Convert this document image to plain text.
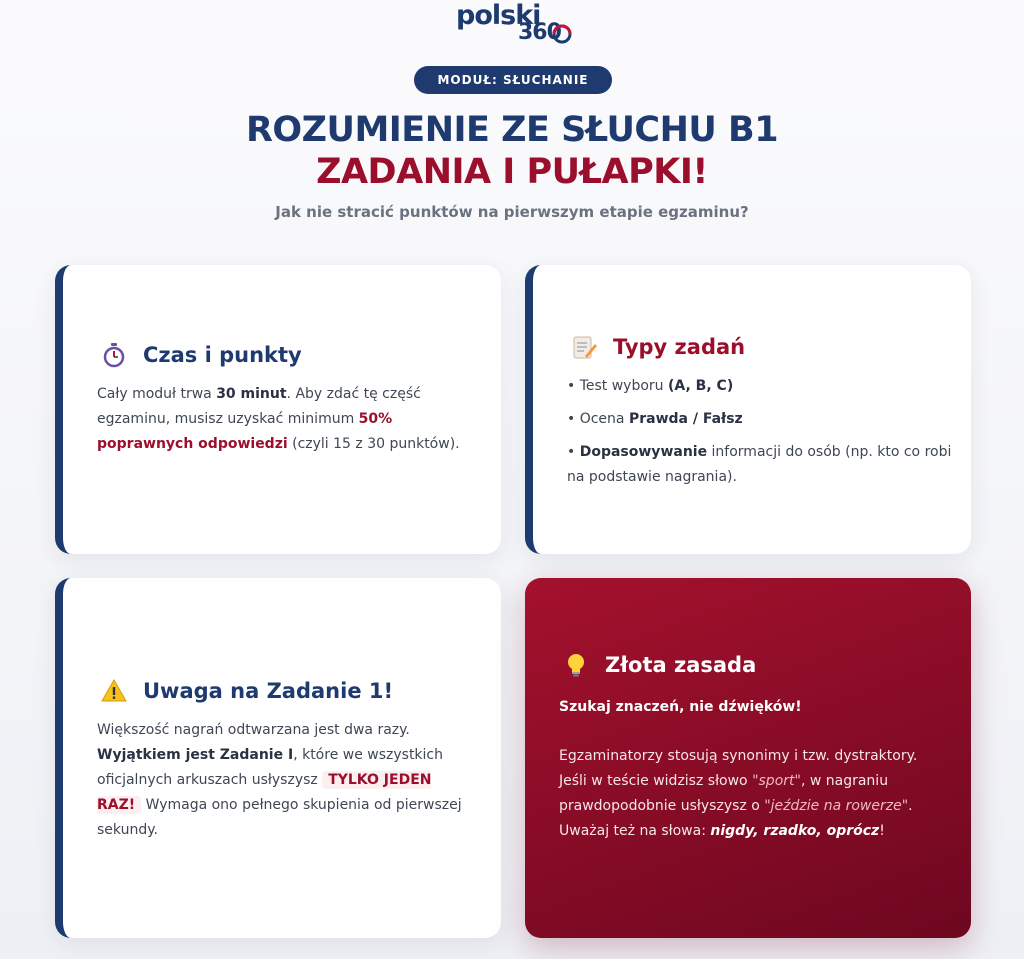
polski
360
MODUŁ: SŁUCHANIE
ROZUMIENIE ZE SŁUCHU B1
ZADANIA I PUŁAPKI!
Jak nie stracić punktów na pierwszym etapie egzaminu?
Czas i punkty

Cały moduł trwa 30 minut. Aby zdać tę część egzaminu, musisz uzyskać minimum 50% poprawnych odpowiedzi (czyli 15 z 30 punktów).

Typy zadań
• Test wyboru (A, B, C)
• Ocena Prawda / Fałsz
• Dopasowywanie informacji do osób (np. kto co robi na podstawie nagrania).
Uwaga na Zadanie 1!

Większość nagrań odtwarzana jest dwa razy. Wyjątkiem jest Zadanie I, które we wszystkich oficjalnych arkuszach usłyszysz TYLKO JEDEN RAZ! Wymaga ono pełnego skupienia od pierwszej sekundy.

Złota zasada
Szukaj znaczeń, nie dźwięków!

Egzaminatorzy stosują synonimy i tzw. dystraktory. Jeśli w teście widzisz słowo "sport", w nagraniu prawdopodobnie usłyszysz o "jeździe na rowerze". Uważaj też na słowa: nigdy, rzadko, oprócz!
